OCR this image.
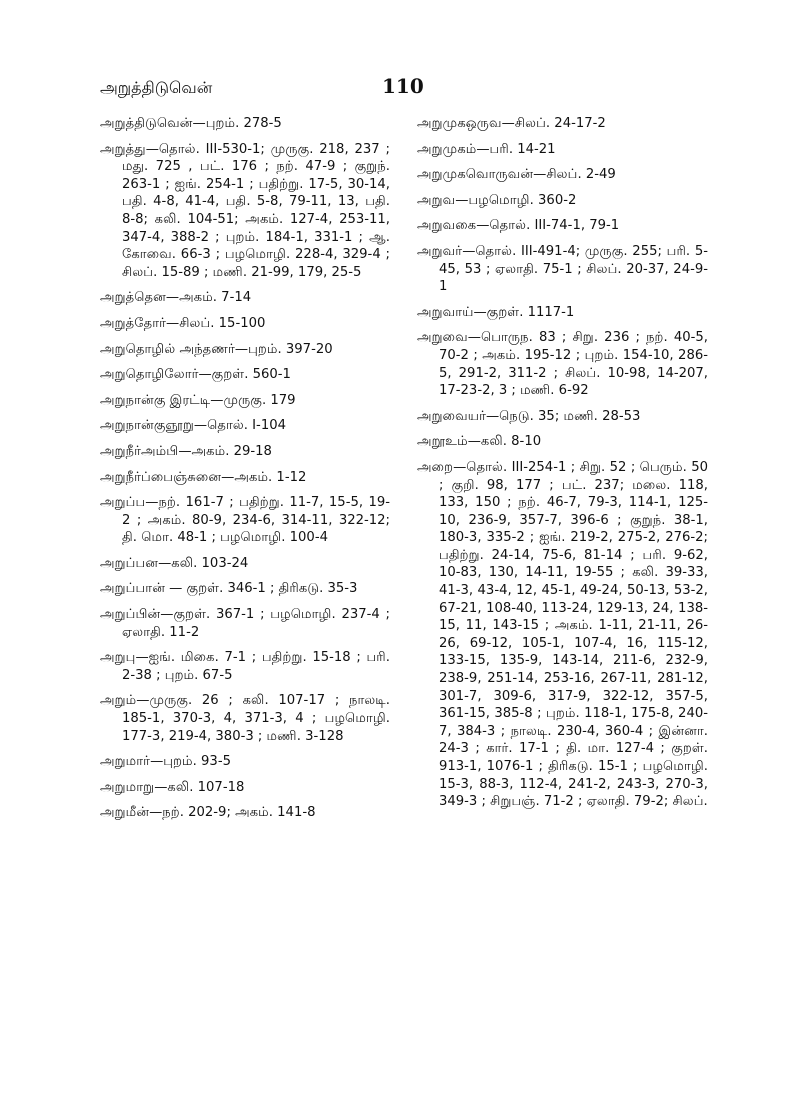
அறுத்திடுவென்	110

அறுத்திடுவென்—புறம். 278-5

அறுத்து—தொல். III-530-1; முருகு. 218, 237 ; மது. 725 , பட். 176 ; நற். 47-9 ; குறுந். 263-1 ; ஐங். 254-1 ; பதிற்று. 17-5, 30-14, பதி. 4-8, 41-4, பதி. 5-8, 79-11, 13, பதி. 8-8; கலி. 104-51; அகம். 127-4, 253-11, 347-4, 388-2 ; புறம். 184-1, 331-1 ; ஆ. கோவை. 66-3 ; பழமொழி. 228-4, 329-4 ; சிலப். 15-89 ; மணி. 21-99, 179, 25-5

அறுத்தென—அகம். 7-14

அறுத்தோர்—சிலப். 15-100

அறுதொழில் அந்தணர்—புறம். 397-20

அறுதொழிலோர்—குறள். 560-1

அறுநான்கு இரட்டி—முருகு. 179

அறுநான்குஞூறு—தொல். I-104

அறுநீர்அம்பி—அகம். 29-18

அறுநீர்ப்பைஞ்சுனை—அகம். 1-12

அறுப்ப—நற். 161-7 ; பதிற்று. 11-7, 15-5, 19-2 ; அகம். 80-9, 234-6, 314-11, 322-12; தி. மொ. 48-1 ; பழமொழி. 100-4

அறுப்பன—கலி. 103-24

அறுப்பான் — குறள். 346-1 ; திரிகடு. 35-3

அறுப்பின்—குறள். 367-1 ; பழமொழி. 237-4 ; ஏலாதி. 11-2

அறுபு—ஐங். மிகை. 7-1 ; பதிற்று. 15-18 ; பரி. 2-38 ; புறம். 67-5

அறும்—முருகு. 26 ; கலி. 107-17 ; நாலடி. 185-1, 370-3, 4, 371-3, 4 ; பழமொழி. 177-3, 219-4, 380-3 ; மணி. 3-128

அறுமார்—புறம். 93-5

அறுமாறு—கலி. 107-18

அறுமீன்—நற். 202-9; அகம். 141-8

அறுமுகஒருவ—சிலப். 24-17-2

அறுமுகம்—பரி. 14-21

அறுமுகவொருவன்—சிலப். 2-49

அறுவ—பழமொழி. 360-2

அறுவகை—தொல். III-74-1, 79-1

அறுவர்—தொல். III-491-4; முருகு. 255; பரி. 5-45, 53 ; ஏலாதி. 75-1 ; சிலப். 20-37, 24-9-1

அறுவாய்—குறள். 1117-1

அறுவை—பொருந. 83 ; சிறு. 236 ; நற். 40-5, 70-2 ; அகம். 195-12 ; புறம். 154-10, 286-5, 291-2, 311-2 ; சிலப். 10-98, 14-207, 17-23-2, 3 ; மணி. 6-92

அறுவையர்—நெடு. 35; மணி. 28-53

அறூஉம்—கலி. 8-10

அறை—தொல். III-254-1 ; சிறு. 52 ; பெரும். 50 ; குறி. 98, 177 ; பட். 237; மலை. 118, 133, 150 ; நற். 46-7, 79-3, 114-1, 125-10, 236-9, 357-7, 396-6 ; குறுந். 38-1, 180-3, 335-2 ; ஐங். 219-2, 275-2, 276-2; பதிற்று. 24-14, 75-6, 81-14 ; பரி. 9-62, 10-83, 130, 14-11, 19-55 ; கலி. 39-33, 41-3, 43-4, 12, 45-1, 49-24, 50-13, 53-2, 67-21, 108-40, 113-24, 129-13, 24, 138-15, 11, 143-15 ; அகம். 1-11, 21-11, 26-26, 69-12, 105-1, 107-4, 16, 115-12, 133-15, 135-9, 143-14, 211-6, 232-9, 238-9, 251-14, 253-16, 267-11, 281-12, 301-7, 309-6, 317-9, 322-12, 357-5, 361-15, 385-8 ; புறம். 118-1, 175-8, 240-7, 384-3 ; நாலடி. 230-4, 360-4 ; இன்னா. 24-3 ; கார். 17-1 ; தி. மா. 127-4 ; குறள். 913-1, 1076-1 ; திரிகடு. 15-1 ; பழமொழி. 15-3, 88-3, 112-4, 241-2, 243-3, 270-3, 349-3 ; சிறுபஞ். 71-2 ; ஏலாதி. 79-2; சிலப்.
